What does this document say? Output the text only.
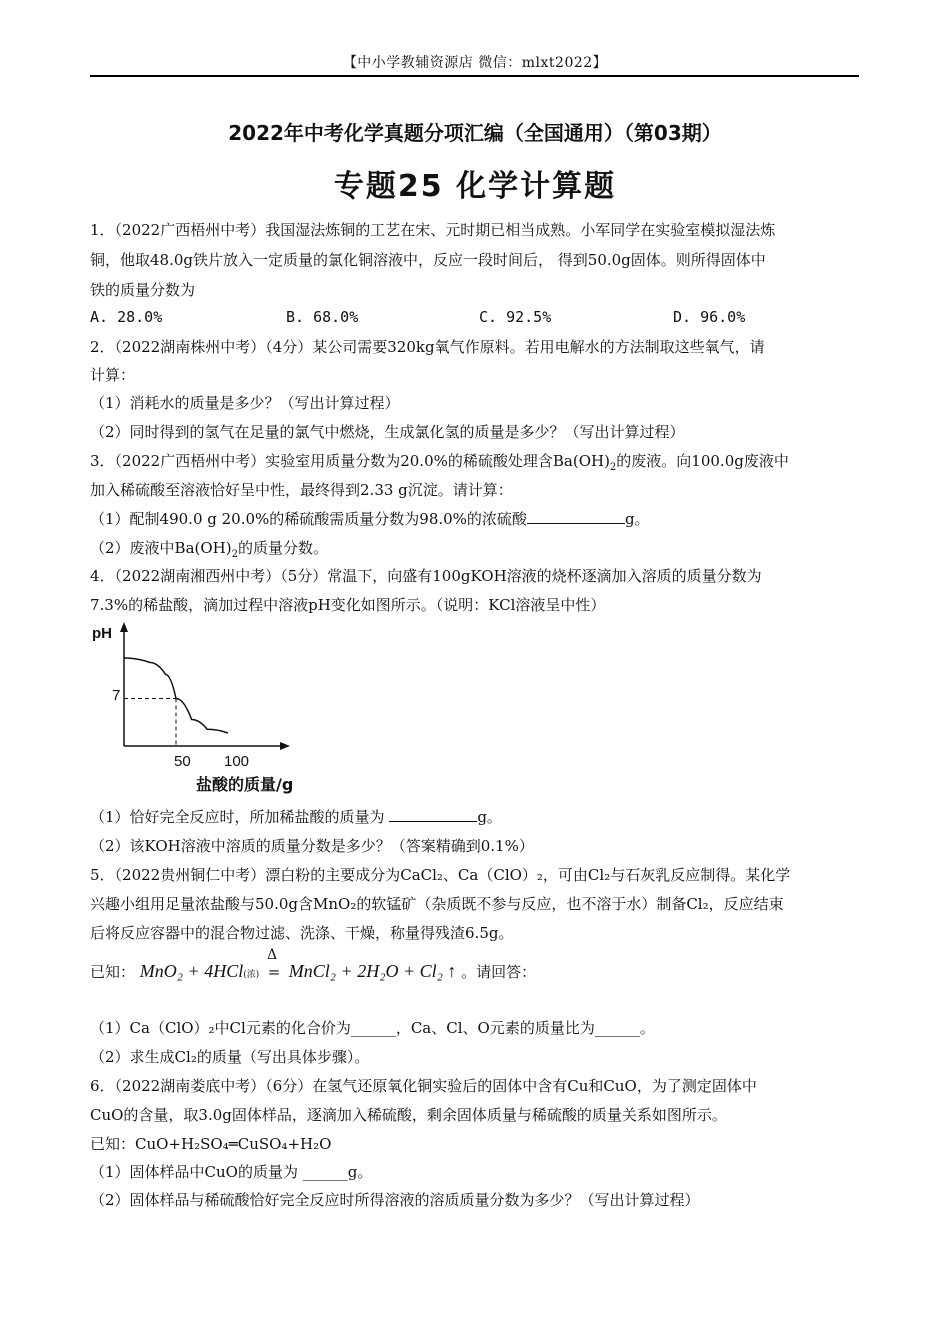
【中小学教辅资源店 微信：mlxt2022】
2022年中考化学真题分项汇编（全国通用）（第03期）
专题25 化学计算题
1．（2022广西梧州中考）我国湿法炼铜的工艺在宋、元时期已相当成熟。小军同学在实验室模拟湿法炼
铜，他取48.0g铁片放入一定质量的氯化铜溶液中，反应一段时间后， 得到50.0g固体。则所得固体中
铁的质量分数为
A. 28.0%	B. 68.0%	C. 92.5%	D. 96.0%
2．（2022湖南株州中考）（4分）某公司需要320kg氧气作原料。若用电解水的方法制取这些氧气，请
计算：
（1）消耗水的质量是多少？（写出计算过程）
（2）同时得到的氢气在足量的氯气中燃烧，生成氯化氢的质量是多少？（写出计算过程）
3．（2022广西梧州中考）实验室用质量分数为20.0%的稀硫酸处理含$Ba(OH)_2$的废液。向100.0g废液中
加入稀硫酸至溶液恰好呈中性，最终得到2.33 g沉淀。请计算：
（1）配制490.0 g 20.0%的稀硫酸需质量分数为98.0%的浓硫酸	g。
（2）废液中$Ba(OH)_2$的质量分数。
4．（2022湖南湘西州中考）（5分）常温下，向盛有100gKOH溶液的烧杯逐滴加入溶质的质量分数为
7.3%的稀盐酸，滴加过程中溶液pH变化如图所示。（说明：KCl溶液呈中性）
pH
7
50 100
盐酸的质量/g
（1）恰好完全反应时，所加稀盐酸的质量为	g。
（2）该KOH溶液中溶质的质量分数是多少？（答案精确到0.1%）
5．（2022贵州铜仁中考）漂白粉的主要成分为CaCl₂、Ca（ClO）₂，可由Cl₂与石灰乳反应制得。某化学
兴趣小组用足量浓盐酸与50.0g含MnO₂的软锰矿（杂质既不参与反应，也不溶于水）制备Cl₂，反应结束
后将反应容器中的混合物过滤、洗涤、干燥，称量得残渣6.5g。
已知： MnO₂ + 4HCl(浓)
Δ
= MnCl₂ + 2H₂O + Cl₂ ↑ 。请回答：
（1）Ca（ClO）₂中Cl元素的化合价为______，Ca、Cl、O元素的质量比为______。
（2）求生成Cl₂的质量（写出具体步骤）。
6．（2022湖南娄底中考）（6分）在氢气还原氧化铜实验后的固体中含有Cu和CuO，为了测定固体中
CuO的含量，取3.0g固体样品，逐滴加入稀硫酸，剩余固体质量与稀硫酸的质量关系如图所示。
已知：CuO+H₂SO₄═CuSO₄+H₂O
（1）固体样品中CuO的质量为 ______g。
（2）固体样品与稀硫酸恰好完全反应时所得溶液的溶质质量分数为多少？（写出计算过程）
